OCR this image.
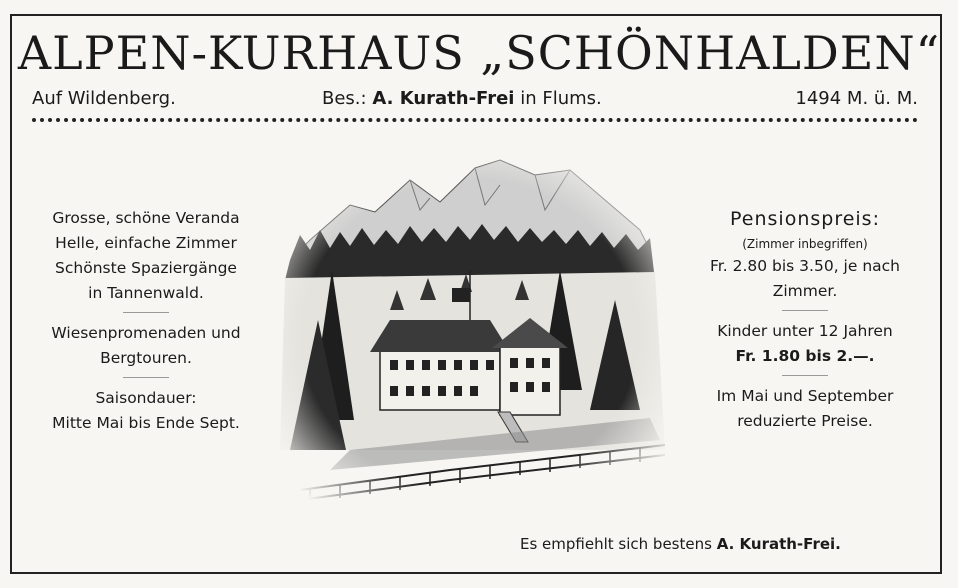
ALPEN-KURHAUS „SCHÖNHALDEN“
Auf Wildenberg.	Bes.: A. Kurath-Frei in Flums.	1494 M. ü. M.
Grosse, schöne Veranda
Helle, einfache Zimmer
Schönste Spaziergänge
in Tannenwald.
Wiesenpromenaden und
Bergtouren.
Saisondauer:
Mitte Mai bis Ende Sept.
Pensionspreis:
(Zimmer inbegriffen)
Fr. 2.80 bis 3.50, je nach
Zimmer.
Kinder unter 12 Jahren
Fr. 1.80 bis 2.—.
Im Mai und September
reduzierte Preise.
Es empfiehlt sich bestens A. Kurath-Frei.
